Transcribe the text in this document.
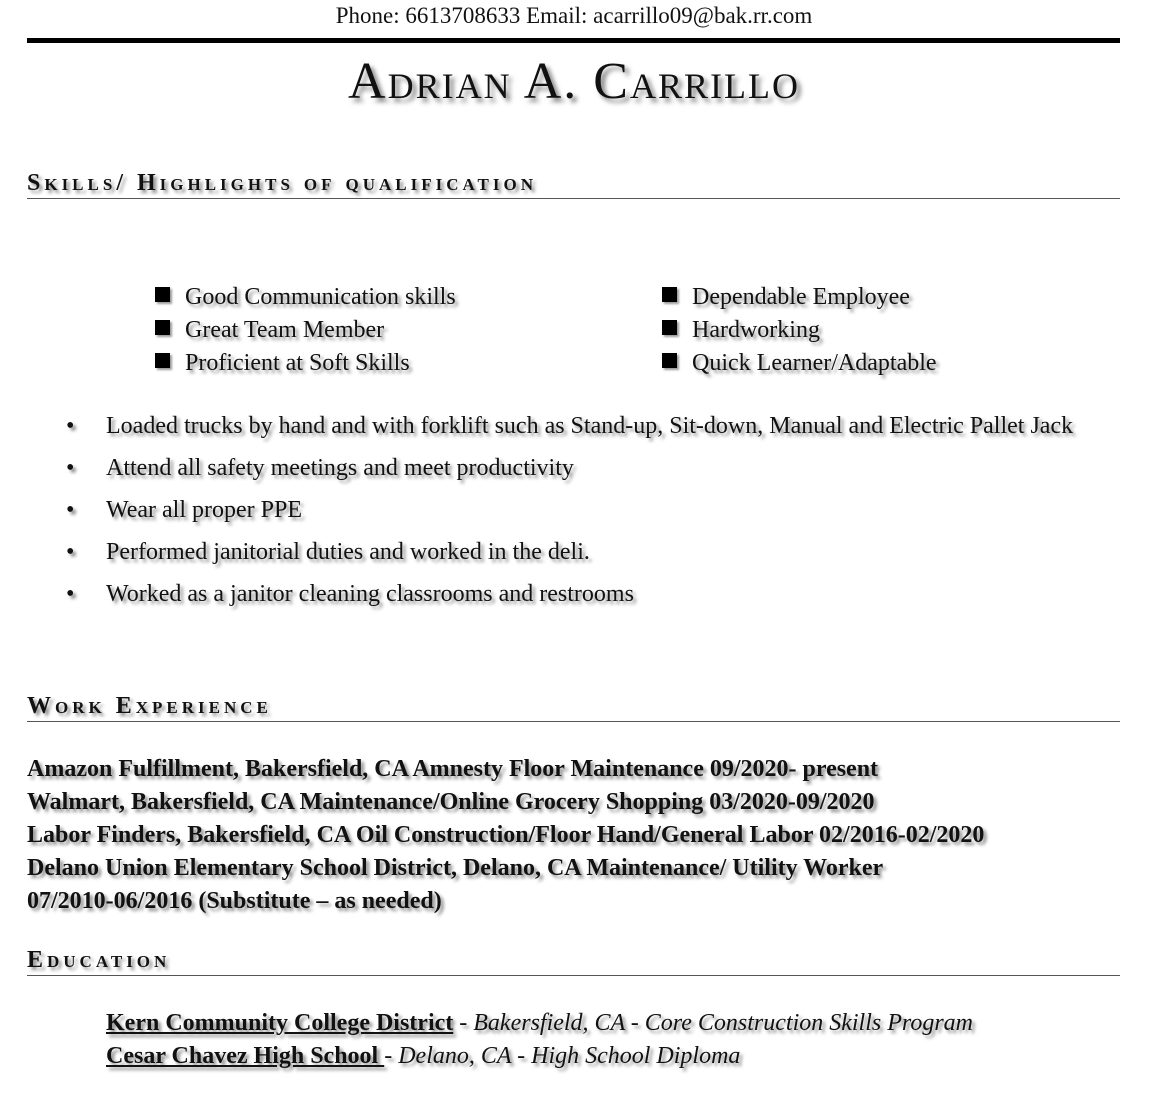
Phone: 6613708633 Email: acarrillo09@bak.rr.com
Adrian A. Carrillo
Skills/ Highlights of qualification
Good Communication skills
Great Team Member
Proficient at Soft Skills
Dependable Employee
Hardworking
Quick Learner/Adaptable
• Loaded trucks by hand and with forklift such as Stand-up, Sit-down, Manual and Electric Pallet Jack
• Attend all safety meetings and meet productivity
• Wear all proper PPE
• Performed janitorial duties and worked in the deli.
• Worked as a janitor cleaning classrooms and restrooms
Work Experience
Amazon Fulfillment, Bakersfield, CA Amnesty Floor Maintenance 09/2020- present
Walmart, Bakersfield, CA Maintenance/Online Grocery Shopping 03/2020-09/2020
Labor Finders, Bakersfield, CA Oil Construction/Floor Hand/General Labor 02/2016-02/2020
Delano Union Elementary School District, Delano, CA Maintenance/ Utility Worker
07/2010-06/2016 (Substitute – as needed)
Education
Kern Community College District - Bakersfield, CA - Core Construction Skills Program
Cesar Chavez High School - Delano, CA - High School Diploma
